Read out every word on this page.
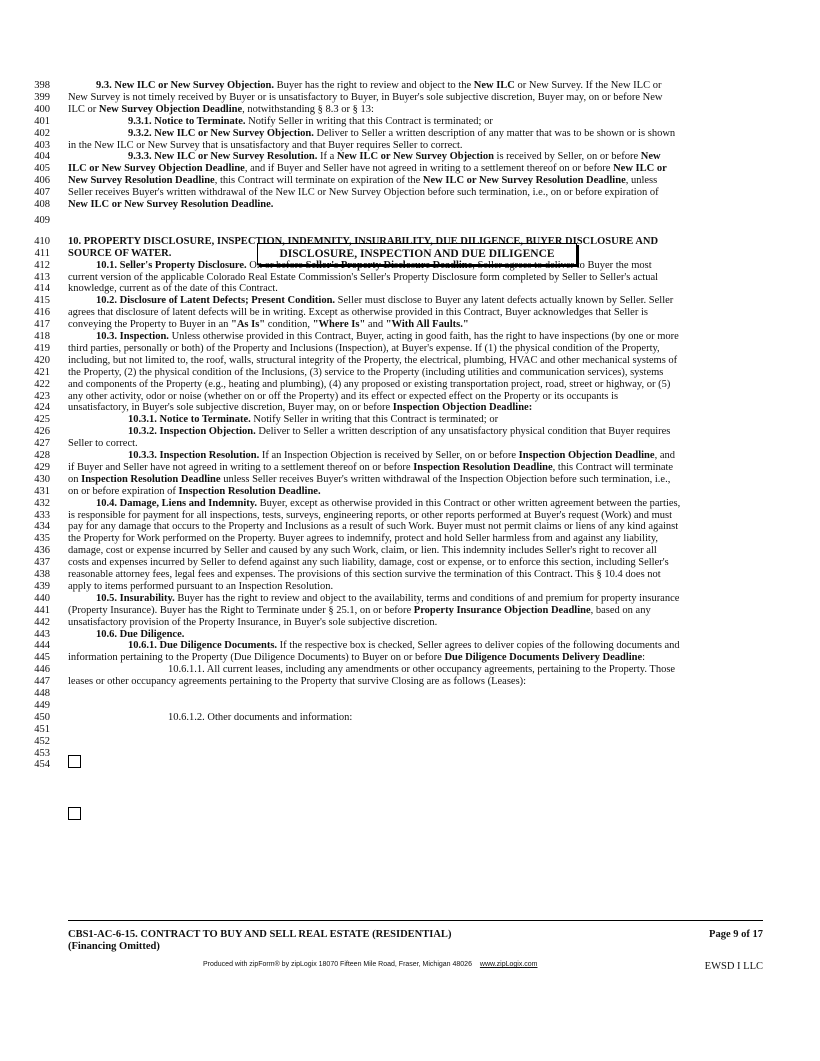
398	9.3. New ILC or New Survey Objection. Buyer has the right to review and object to the New ILC or New Survey. If the New ILC or
399 New Survey is not timely received by Buyer or is unsatisfactory to Buyer, in Buyer's sole subjective discretion, Buyer may, on or before New
400 ILC or New Survey Objection Deadline, notwithstanding § 8.3 or § 13:
401	9.3.1. Notice to Terminate. Notify Seller in writing that this Contract is terminated; or
402	9.3.2. New ILC or New Survey Objection. Deliver to Seller a written description of any matter that was to be shown or is shown
403 in the New ILC or New Survey that is unsatisfactory and that Buyer requires Seller to correct.
404	9.3.3. New ILC or New Survey Resolution. If a New ILC or New Survey Objection is received by Seller, on or before New
405 ILC or New Survey Objection Deadline, and if Buyer and Seller have not agreed in writing to a settlement thereof on or before New ILC or
406 New Survey Resolution Deadline, this Contract will terminate on expiration of the New ILC or New Survey Resolution Deadline, unless
407 Seller receives Buyer's written withdrawal of the New ILC or New Survey Objection before such termination, i.e., on or before expiration of
408 New ILC or New Survey Resolution Deadline.
409
410 10. PROPERTY DISCLOSURE, INSPECTION, INDEMNITY, INSURABILITY, DUE DILIGENCE, BUYER DISCLOSURE AND
411 SOURCE OF WATER.
412	10.1. Seller's Property Disclosure. On or before Seller's Property Disclosure Deadline, Seller agrees to deliver to Buyer the most
413 current version of the applicable Colorado Real Estate Commission's Seller's Property Disclosure form completed by Seller to Seller's actual
414 knowledge, current as of the date of this Contract.
415	10.2. Disclosure of Latent Defects; Present Condition. Seller must disclose to Buyer any latent defects actually known by Seller. Seller
416 agrees that disclosure of latent defects will be in writing. Except as otherwise provided in this Contract, Buyer acknowledges that Seller is
417 conveying the Property to Buyer in an "As Is" condition, "Where Is" and "With All Faults."
418	10.3. Inspection. Unless otherwise provided in this Contract, Buyer, acting in good faith, has the right to have inspections (by one or more
419 third parties, personally or both) of the Property and Inclusions (Inspection), at Buyer's expense. If (1) the physical condition of the Property,
420 including, but not limited to, the roof, walls, structural integrity of the Property, the electrical, plumbing, HVAC and other mechanical systems of
421 the Property, (2) the physical condition of the Inclusions, (3) service to the Property (including utilities and communication services), systems
422 and components of the Property (e.g., heating and plumbing), (4) any proposed or existing transportation project, road, street or highway, or (5)
423 any other activity, odor or noise (whether on or off the Property) and its effect or expected effect on the Property or its occupants is
424 unsatisfactory, in Buyer's sole subjective discretion, Buyer may, on or before Inspection Objection Deadline:
425	10.3.1. Notice to Terminate. Notify Seller in writing that this Contract is terminated; or
426	10.3.2. Inspection Objection. Deliver to Seller a written description of any unsatisfactory physical condition that Buyer requires
427 Seller to correct.
428	10.3.3. Inspection Resolution. If an Inspection Objection is received by Seller, on or before Inspection Objection Deadline, and
429 if Buyer and Seller have not agreed in writing to a settlement thereof on or before Inspection Resolution Deadline, this Contract will terminate
430 on Inspection Resolution Deadline unless Seller receives Buyer's written withdrawal of the Inspection Objection before such termination, i.e.,
431 on or before expiration of Inspection Resolution Deadline.
432	10.4. Damage, Liens and Indemnity. Buyer, except as otherwise provided in this Contract or other written agreement between the parties,
433 is responsible for payment for all inspections, tests, surveys, engineering reports, or other reports performed at Buyer's request (Work) and must
434 pay for any damage that occurs to the Property and Inclusions as a result of such Work. Buyer must not permit claims or liens of any kind against
435 the Property for Work performed on the Property. Buyer agrees to indemnify, protect and hold Seller harmless from and against any liability,
436 damage, cost or expense incurred by Seller and caused by any such Work, claim, or lien. This indemnity includes Seller's right to recover all
437 costs and expenses incurred by Seller to defend against any such liability, damage, cost or expense, or to enforce this section, including Seller's
438 reasonable attorney fees, legal fees and expenses. The provisions of this section survive the termination of this Contract. This § 10.4 does not
439 apply to items performed pursuant to an Inspection Resolution.
440	10.5. Insurability. Buyer has the right to review and object to the availability, terms and conditions of and premium for property insurance
441 (Property Insurance). Buyer has the Right to Terminate under § 25.1, on or before Property Insurance Objection Deadline, based on any
442 unsatisfactory provision of the Property Insurance, in Buyer's sole subjective discretion.
443	10.6. Due Diligence.
444	10.6.1. Due Diligence Documents. If the respective box is checked, Seller agrees to deliver copies of the following documents and
445 information pertaining to the Property (Due Diligence Documents) to Buyer on or before Due Diligence Documents Delivery Deadline:
446	10.6.1.1. All current leases, including any amendments or other occupancy agreements, pertaining to the Property. Those
447 leases or other occupancy agreements pertaining to the Property that survive Closing are as follows (Leases):
448
449
450	10.6.1.2. Other documents and information:
451
452
453
454
DISCLOSURE, INSPECTION AND DUE DILIGENCE
CBS1-AC-6-15. CONTRACT TO BUY AND SELL REAL ESTATE (RESIDENTIAL)
(Financing Omitted)
Page 9 of 17
Produced with zipForm® by zipLogix 18070 Fifteen Mile Road, Fraser, Michigan 48026 www.zipLogix.com	EWSD I LLC
